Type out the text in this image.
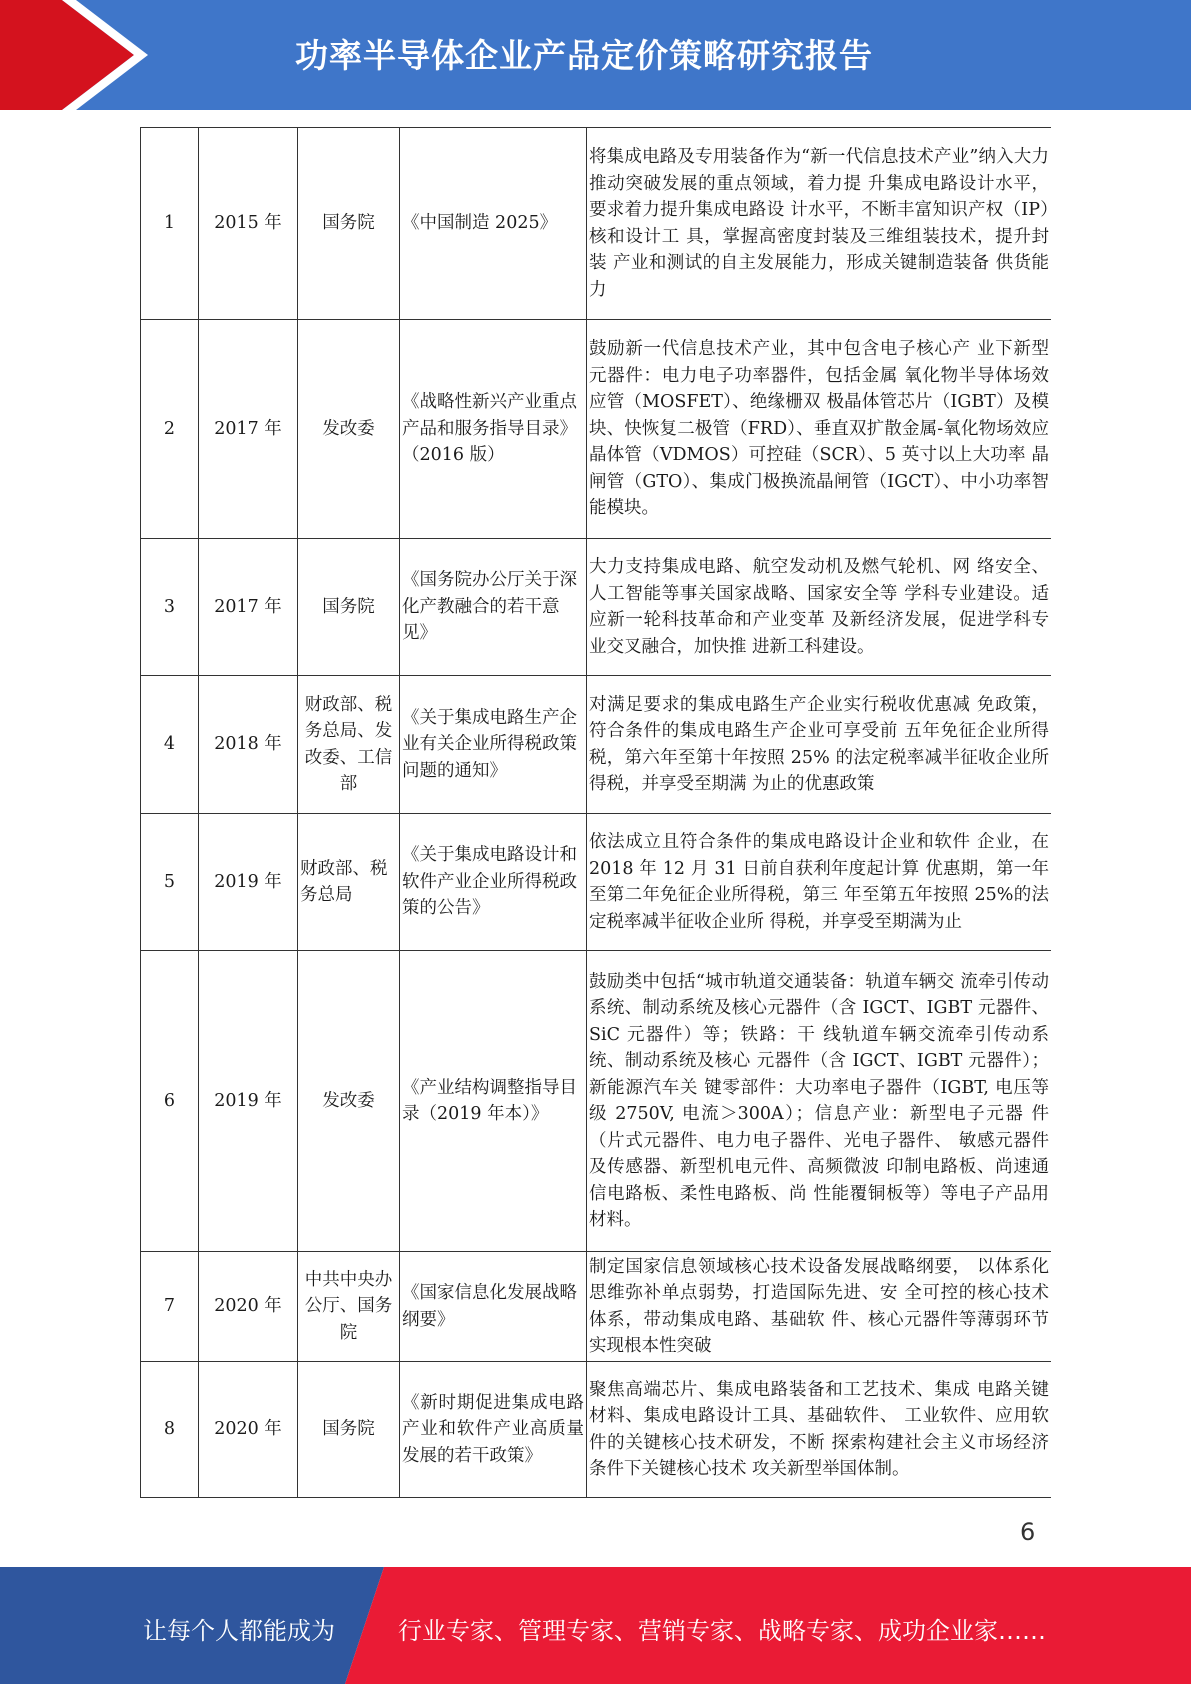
功率半导体企业产品定价策略研究报告
1	2015 年	国务院	《中国制造 2025》	将集成电路及专用装备作为“新一代信息技术产业”纳入大力推动突破发展的重点领域，着力提 升集成电路设计水平，要求着力提升集成电路设 计水平，不断丰富知识产权（IP）核和设计工 具，掌握高密度封装及三维组装技术，提升封装 产业和测试的自主发展能力，形成关键制造装备 供货能力
2	2017 年	发改委	《战略性新兴产业重点产品和服务指导目录》（2016 版）	鼓励新一代信息技术产业，其中包含电子核心产 业下新型元器件：电力电子功率器件，包括金属 氧化物半导体场效应管（MOSFET）、绝缘栅双 极晶体管芯片（IGBT）及模块、快恢复二极管（FRD）、垂直双扩散金属-氧化物场效应晶体管（VDMOS）可控硅（SCR）、5 英寸以上大功率 晶闸管（GTO）、集成门极换流晶闸管（IGCT）、中小功率智能模块。
3	2017 年	国务院	《国务院办公厅关于深化产教融合的若干意见》	大力支持集成电路、航空发动机及燃气轮机、网 络安全、人工智能等事关国家战略、国家安全等 学科专业建设。适应新一轮科技革命和产业变革 及新经济发展，促进学科专业交叉融合，加快推 进新工科建设。
4	2018 年	财政部、税务总局、发改委、工信部	《关于集成电路生产企业有关企业所得税政策问题的通知》	对满足要求的集成电路生产企业实行税收优惠减 免政策，符合条件的集成电路生产企业可享受前 五年免征企业所得税，第六年至第十年按照 25% 的法定税率减半征收企业所得税，并享受至期满 为止的优惠政策
5	2019 年	财政部、税务总局	《关于集成电路设计和软件产业企业所得税政策的公告》	依法成立且符合条件的集成电路设计企业和软件 企业，在 2018 年 12 月 31 日前自获利年度起计算 优惠期，第一年至第二年免征企业所得税，第三 年至第五年按照 25%的法定税率减半征收企业所 得税，并享受至期满为止
6	2019 年	发改委	《产业结构调整指导目录（2019 年本）》	鼓励类中包括“城市轨道交通装备：轨道车辆交 流牵引传动系统、制动系统及核心元器件（含 IGCT、IGBT 元器件、SiC 元器件）等；铁路：干 线轨道车辆交流牵引传动系统、制动系统及核心 元器件（含 IGCT、IGBT 元器件）；新能源汽车关 键零部件：大功率电子器件（IGBT, 电压等级 2750V, 电流＞300A）；信息产业：新型电子元器 件（片式元器件、电力电子器件、光电子器件、 敏感元器件及传感器、新型机电元件、高频微波 印制电路板、尚速通信电路板、柔性电路板、尚 性能覆铜板等）等电子产品用材料。
7	2020 年	中共中央办公厅、国务院	《国家信息化发展战略纲要》	制定国家信息领域核心技术设备发展战略纲要， 以体系化思维弥补单点弱势，打造国际先进、安 全可控的核心技术体系，带动集成电路、基础软 件、核心元器件等薄弱环节实现根本性突破
8	2020 年	国务院	《新时期促进集成电路产业和软件产业高质量发展的若干政策》	聚焦高端芯片、集成电路装备和工艺技术、集成 电路关键材料、集成电路设计工具、基础软件、 工业软件、应用软件的关键核心技术研发，不断 探索构建社会主义市场经济条件下关键核心技术 攻关新型举国体制。
6
让每个人都能成为	行业专家、管理专家、营销专家、战略专家、成功企业家……
